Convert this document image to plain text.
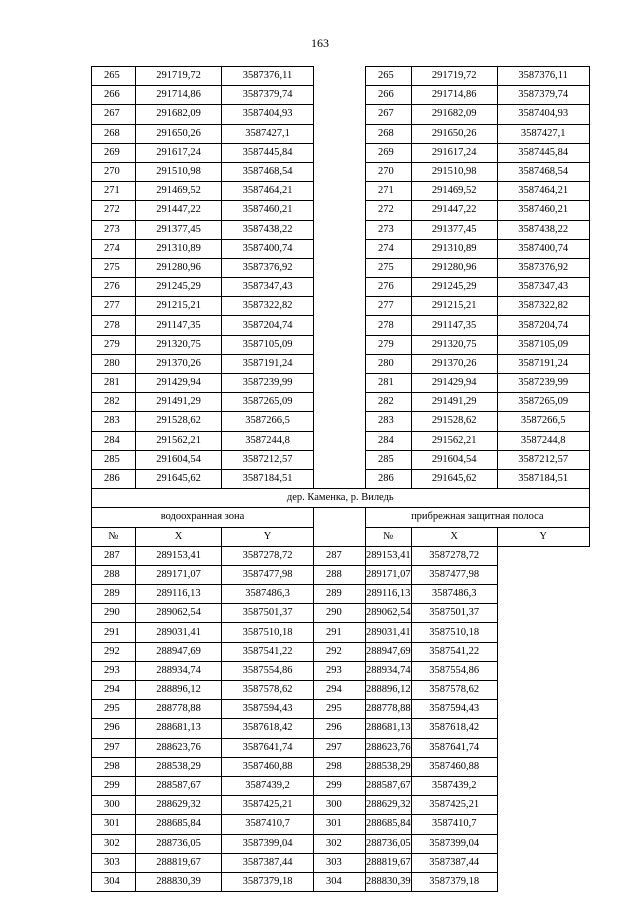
163
265	291719,72	3587376,11		265	291719,72	3587376,11
266	291714,86	3587379,74		266	291714,86	3587379,74
267	291682,09	3587404,93		267	291682,09	3587404,93
268	291650,26	3587427,1		268	291650,26	3587427,1
269	291617,24	3587445,84		269	291617,24	3587445,84
270	291510,98	3587468,54		270	291510,98	3587468,54
271	291469,52	3587464,21		271	291469,52	3587464,21
272	291447,22	3587460,21		272	291447,22	3587460,21
273	291377,45	3587438,22		273	291377,45	3587438,22
274	291310,89	3587400,74		274	291310,89	3587400,74
275	291280,96	3587376,92		275	291280,96	3587376,92
276	291245,29	3587347,43		276	291245,29	3587347,43
277	291215,21	3587322,82		277	291215,21	3587322,82
278	291147,35	3587204,74		278	291147,35	3587204,74
279	291320,75	3587105,09		279	291320,75	3587105,09
280	291370,26	3587191,24		280	291370,26	3587191,24
281	291429,94	3587239,99		281	291429,94	3587239,99
282	291491,29	3587265,09		282	291491,29	3587265,09
283	291528,62	3587266,5		283	291528,62	3587266,5
284	291562,21	3587244,8		284	291562,21	3587244,8
285	291604,54	3587212,57		285	291604,54	3587212,57
286	291645,62	3587184,51		286	291645,62	3587184,51
дер. Каменка, р. Виледь						
водоохранная зона				прибрежная защитная полоса		
№	X	Y		№	X	Y
287	289153,41	3587278,72	287	289153,41	3587278,72	
288	289171,07	3587477,98	288	289171,07	3587477,98	
289	289116,13	3587486,3	289	289116,13	3587486,3	
290	289062,54	3587501,37	290	289062,54	3587501,37	
291	289031,41	3587510,18	291	289031,41	3587510,18	
292	288947,69	3587541,22	292	288947,69	3587541,22	
293	288934,74	3587554,86	293	288934,74	3587554,86	
294	288896,12	3587578,62	294	288896,12	3587578,62	
295	288778,88	3587594,43	295	288778,88	3587594,43	
296	288681,13	3587618,42	296	288681,13	3587618,42	
297	288623,76	3587641,74	297	288623,76	3587641,74	
298	288538,29	3587460,88	298	288538,29	3587460,88	
299	288587,67	3587439,2	299	288587,67	3587439,2	
300	288629,32	3587425,21	300	288629,32	3587425,21	
301	288685,84	3587410,7	301	288685,84	3587410,7	
302	288736,05	3587399,04	302	288736,05	3587399,04	
303	288819,67	3587387,44	303	288819,67	3587387,44	
304	288830,39	3587379,18	304	288830,39	3587379,18	
